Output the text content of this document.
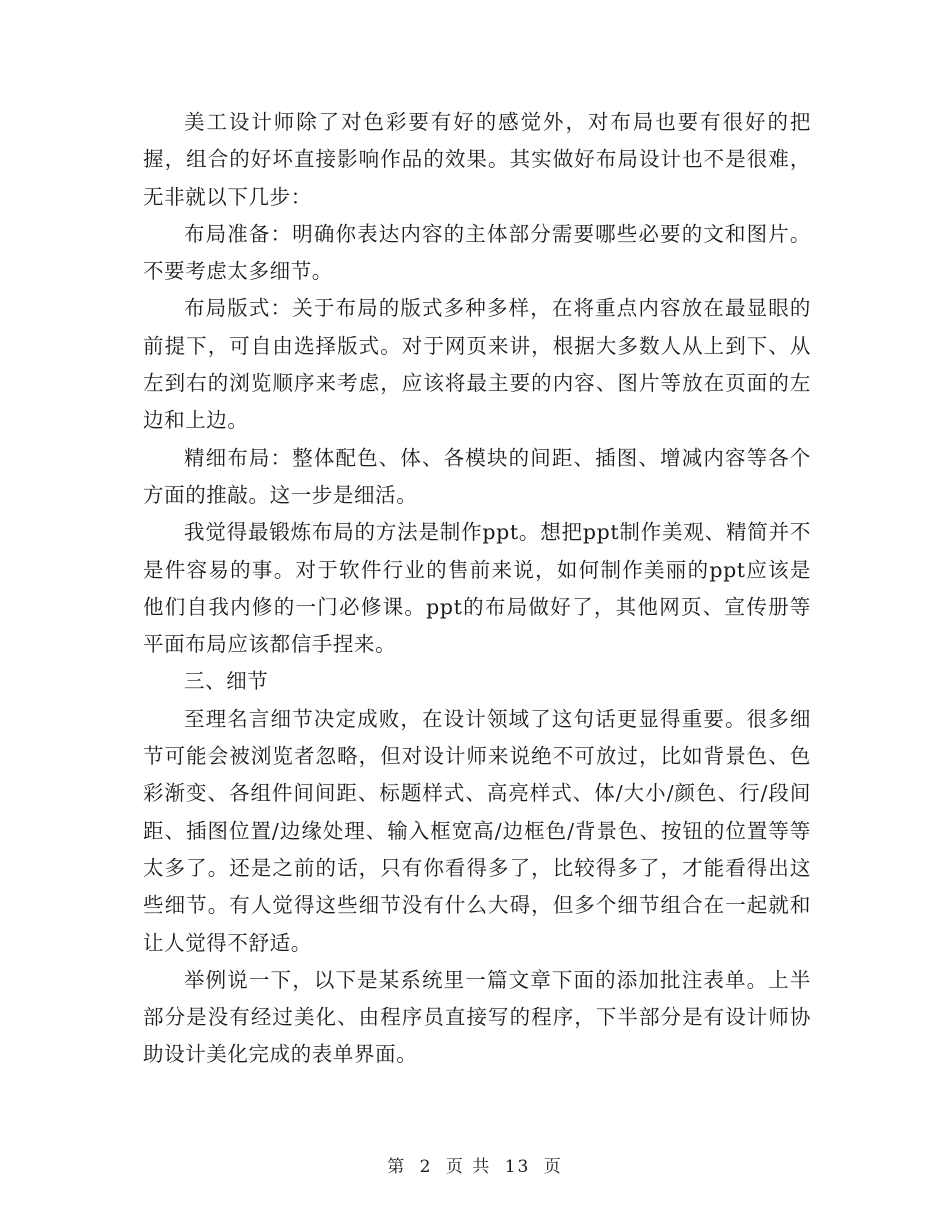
美工设计师除了对色彩要有好的感觉外，对布局也要有很好的把握，组合的好坏直接影响作品的效果。其实做好布局设计也不是很难，无非就以下几步：

布局准备：明确你表达内容的主体部分需要哪些必要的文和图片。不要考虑太多细节。

布局版式：关于布局的版式多种多样，在将重点内容放在最显眼的前提下，可自由选择版式。对于网页来讲，根据大多数人从上到下、从左到右的浏览顺序来考虑，应该将最主要的内容、图片等放在页面的左边和上边。

精细布局：整体配色、体、各模块的间距、插图、增减内容等各个方面的推敲。这一步是细活。

我觉得最锻炼布局的方法是制作ppt。想把ppt制作美观、精简并不是件容易的事。对于软件行业的售前来说，如何制作美丽的ppt应该是他们自我内修的一门必修课。ppt的布局做好了，其他网页、宣传册等平面布局应该都信手捏来。

三、细节

至理名言细节决定成败，在设计领域了这句话更显得重要。很多细节可能会被浏览者忽略，但对设计师来说绝不可放过，比如背景色、色彩渐变、各组件间间距、标题样式、高亮样式、体/大小/颜色、行/段间距、插图位置/边缘处理、输入框宽高/边框色/背景色、按钮的位置等等太多了。还是之前的话，只有你看得多了，比较得多了，才能看得出这些细节。有人觉得这些细节没有什么大碍，但多个细节组合在一起就和让人觉得不舒适。

举例说一下，以下是某系统里一篇文章下面的添加批注表单。上半部分是没有经过美化、由程序员直接写的程序，下半部分是有设计师协助设计美化完成的表单界面。

第 2 页 共 13 页
